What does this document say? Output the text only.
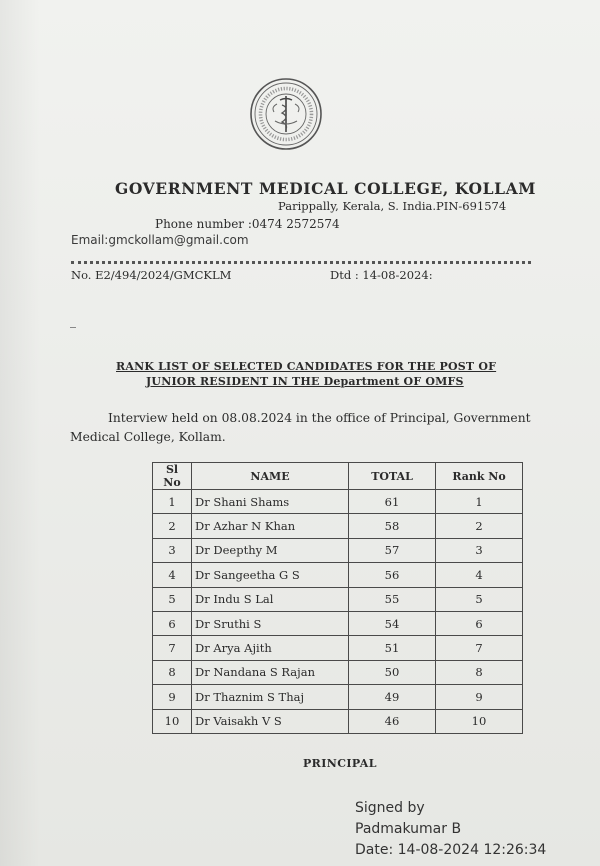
GOVERNMENT MEDICAL COLLEGE, KOLLAM
Parippally, Kerala, S. India.PIN-691574
Phone number :0474 2572574
Email:gmckollam@gmail.com
No. E2/494/2024/GMCKLM	Dtd : 14-08-2024:
RANK LIST OF SELECTED CANDIDATES FOR THE POST OF
JUNIOR RESIDENT IN THE Department OF OMFS
Interview held on 08.08.2024 in the office of Principal, Government
Medical College, Kollam.
Sl No	NAME	TOTAL	Rank No
1	Dr Shani Shams	61	1
2	Dr Azhar N Khan	58	2
3	Dr Deepthy M	57	3
4	Dr Sangeetha G S	56	4
5	Dr Indu S Lal	55	5
6	Dr Sruthi S	54	6
7	Dr Arya Ajith	51	7
8	Dr Nandana S Rajan	50	8
9	Dr Thaznim S Thaj	49	9
10	Dr Vaisakh V S	46	10
PRINCIPAL
Signed by
Padmakumar B
Date: 14-08-2024 12:26:34
